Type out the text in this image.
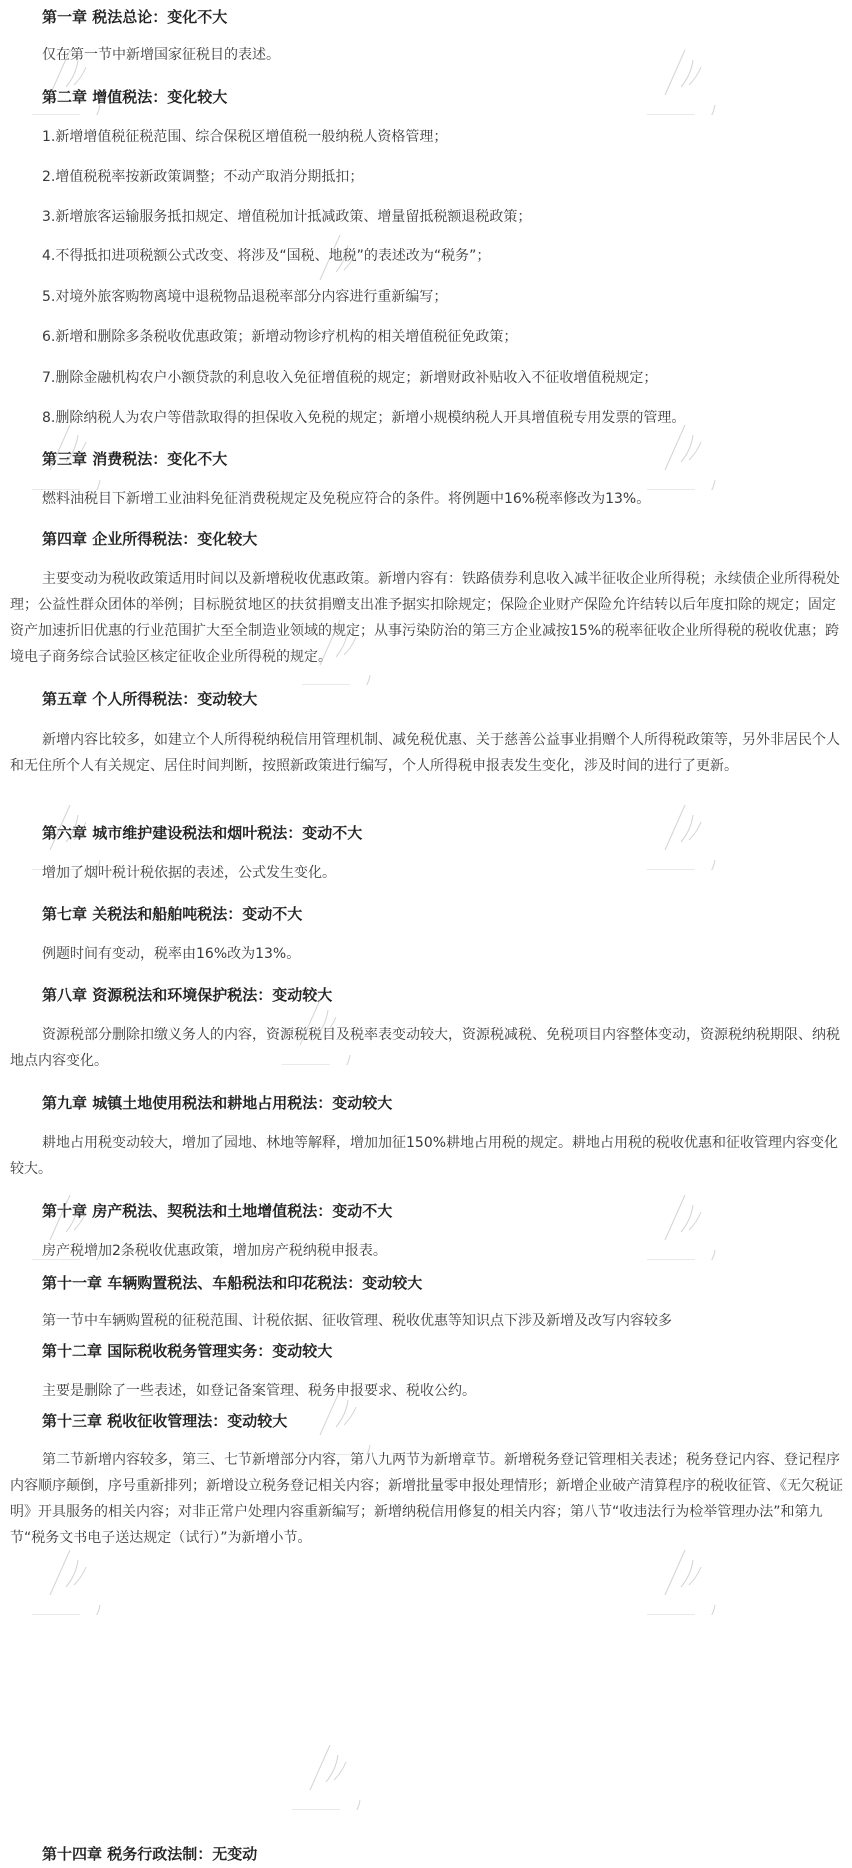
第一章 税法总论：变化不大
仅在第一节中新增国家征税目的表述。
第二章 增值税法：变化较大
1.新增增值税征税范围、综合保税区增值税一般纳税人资格管理；
2.增值税税率按新政策调整；不动产取消分期抵扣；
3.新增旅客运输服务抵扣规定、增值税加计抵减政策、增量留抵税额退税政策；
4.不得抵扣进项税额公式改变、将涉及“国税、地税”的表述改为“税务”；
5.对境外旅客购物离境中退税物品退税率部分内容进行重新编写；
6.新增和删除多条税收优惠政策；新增动物诊疗机构的相关增值税征免政策；
7.删除金融机构农户小额贷款的利息收入免征增值税的规定；新增财政补贴收入不征收增值税规定；
8.删除纳税人为农户等借款取得的担保收入免税的规定；新增小规模纳税人开具增值税专用发票的管理。
第三章 消费税法：变化不大
燃料油税目下新增工业油料免征消费税规定及免税应符合的条件。将例题中16%税率修改为13%。
第四章 企业所得税法：变化较大
主要变动为税收政策适用时间以及新增税收优惠政策。新增内容有：铁路债券利息收入减半征收企业所得税；永续债企业所得税处理；公益性群众团体的举例；目标脱贫地区的扶贫捐赠支出准予据实扣除规定；保险企业财产保险允许结转以后年度扣除的规定；固定资产加速折旧优惠的行业范围扩大至全制造业领域的规定；从事污染防治的第三方企业减按15%的税率征收企业所得税的税收优惠；跨境电子商务综合试验区核定征收企业所得税的规定。
第五章 个人所得税法：变动较大
新增内容比较多，如建立个人所得税纳税信用管理机制、减免税优惠、关于慈善公益事业捐赠个人所得税政策等，另外非居民个人和无住所个人有关规定、居住时间判断，按照新政策进行编写，个人所得税申报表发生变化，涉及时间的进行了更新。
第六章 城市维护建设税法和烟叶税法：变动不大
增加了烟叶税计税依据的表述，公式发生变化。
第七章 关税法和船舶吨税法：变动不大
例题时间有变动，税率由16%改为13%。
第八章 资源税法和环境保护税法：变动较大
资源税部分删除扣缴义务人的内容，资源税税目及税率表变动较大，资源税减税、免税项目内容整体变动，资源税纳税期限、纳税地点内容变化。
第九章 城镇土地使用税法和耕地占用税法：变动较大
耕地占用税变动较大，增加了园地、林地等解释，增加加征150%耕地占用税的规定。耕地占用税的税收优惠和征收管理内容变化较大。
第十章 房产税法、契税法和土地增值税法：变动不大
房产税增加2条税收优惠政策，增加房产税纳税申报表。
第十一章 车辆购置税法、车船税法和印花税法：变动较大
第一节中车辆购置税的征税范围、计税依据、征收管理、税收优惠等知识点下涉及新增及改写内容较多
第十二章 国际税收税务管理实务：变动较大
主要是删除了一些表述，如登记备案管理、税务申报要求、税收公约。
第十三章 税收征收管理法：变动较大
第二节新增内容较多，第三、七节新增部分内容，第八九两节为新增章节。新增税务登记管理相关表述；税务登记内容、登记程序内容顺序颠倒，序号重新排列；新增设立税务登记相关内容；新增批量零申报处理情形；新增企业破产清算程序的税收征管、《无欠税证明》开具服务的相关内容；对非正常户处理内容重新编写；新增纳税信用修复的相关内容；第八节“收违法行为检举管理办法”和第九节“税务文书电子送达规定（试行）”为新增小节。
第十四章 税务行政法制：无变动
